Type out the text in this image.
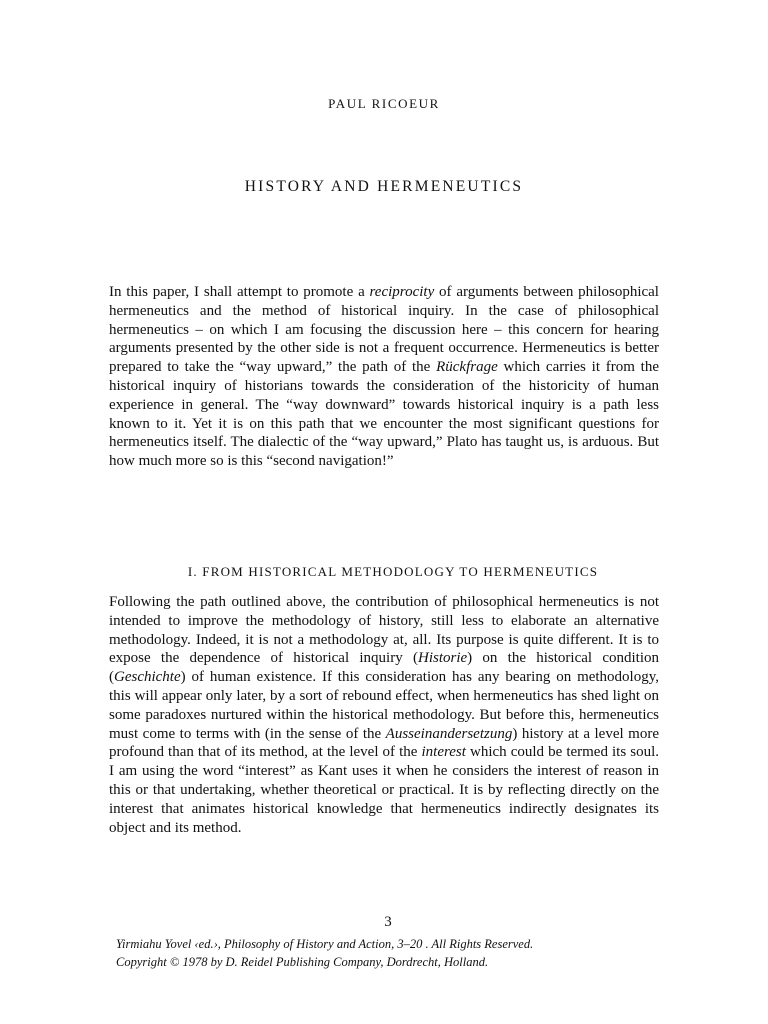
PAUL RICOEUR
HISTORY AND HERMENEUTICS

In this paper, I shall attempt to promote a reciprocity of arguments between philosophical hermeneutics and the method of historical inquiry. In the case of philosophical hermeneutics – on which I am focusing the discussion here – this concern for hearing arguments presented by the other side is not a frequent occurrence. Hermeneutics is better prepared to take the “way upward,” the path of the Rückfrage which carries it from the historical inquiry of historians towards the consideration of the historicity of human experience in general. The “way downward” towards historical inquiry is a path less known to it. Yet it is on this path that we encounter the most significant questions for hermeneutics itself. The dialectic of the “way upward,” Plato has taught us, is arduous. But how much more so is this “second navigation!”

I. FROM HISTORICAL METHODOLOGY TO HERMENEUTICS

Following the path outlined above, the contribution of philosophical hermeneutics is not intended to improve the methodology of history, still less to elaborate an alternative methodology. Indeed, it is not a methodology at, all. Its purpose is quite different. It is to expose the dependence of historical inquiry (Historie) on the historical condition (Geschichte) of human existence. If this consideration has any bearing on methodology, this will appear only later, by a sort of rebound effect, when hermeneutics has shed light on some paradoxes nurtured within the historical methodology. But before this, hermeneutics must come to terms with (in the sense of the Ausseinandersetzung) history at a level more profound than that of its method, at the level of the interest which could be termed its soul. I am using the word “interest” as Kant uses it when he considers the interest of reason in this or that undertaking, whether theoretical or practical. It is by reflecting directly on the interest that animates historical knowledge that hermeneutics indirectly designates its object and its method.

3
Yirmiahu Yovel ‹ed.›, Philosophy of History and Action, 3–20 . All Rights Reserved.
Copyright © 1978 by D. Reidel Publishing Company, Dordrecht, Holland.
